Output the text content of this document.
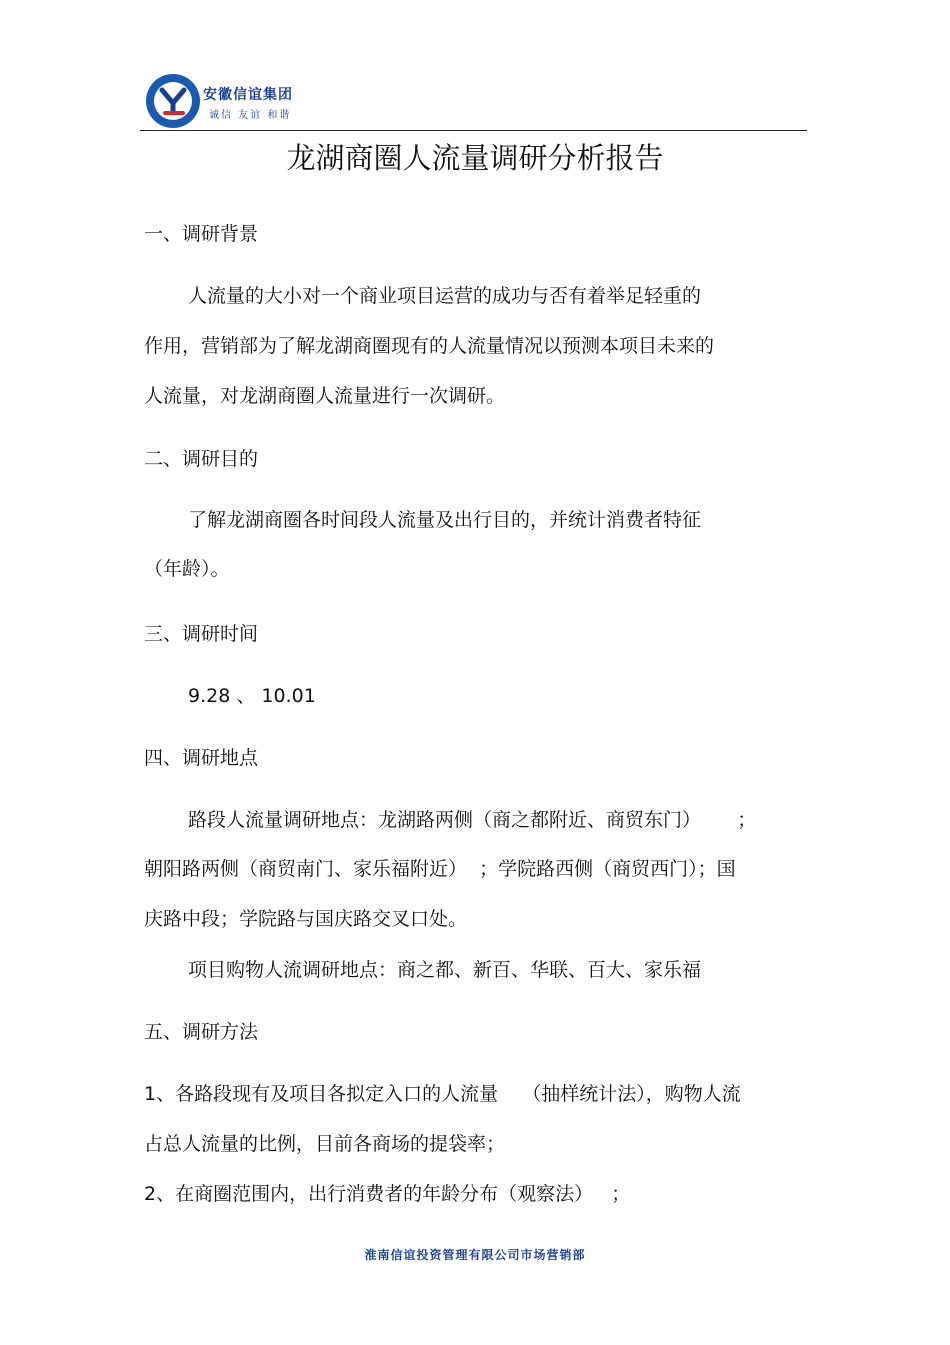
安徽信谊集团
诚信 友谊 和谐
龙湖商圈人流量调研分析报告
一、调研背景
人流量的大小对一个商业项目运营的成功与否有着举足轻重的
作用，营销部为了解龙湖商圈现有的人流量情况以预测本项目未来的
人流量，对龙湖商圈人流量进行一次调研。
二、调研目的
了解龙湖商圈各时间段人流量及出行目的，并统计消费者特征
（年龄）。
三、调研时间
9.28 、 10.01
四、调研地点
路段人流量调研地点：龙湖路两侧（商之都附近、商贸东门）      ；
朝阳路两侧（商贸南门、家乐福附近）  ；学院路西侧（商贸西门）；国
庆路中段；学院路与国庆路交叉口处。
项目购物人流调研地点：商之都、新百、华联、百大、家乐福
五、调研方法
1、各路段现有及项目各拟定入口的人流量    （抽样统计法），购物人流
占总人流量的比例，目前各商场的提袋率；
2、在商圈范围内，出行消费者的年龄分布（观察法）   ；
淮南信谊投资管理有限公司市场营销部
